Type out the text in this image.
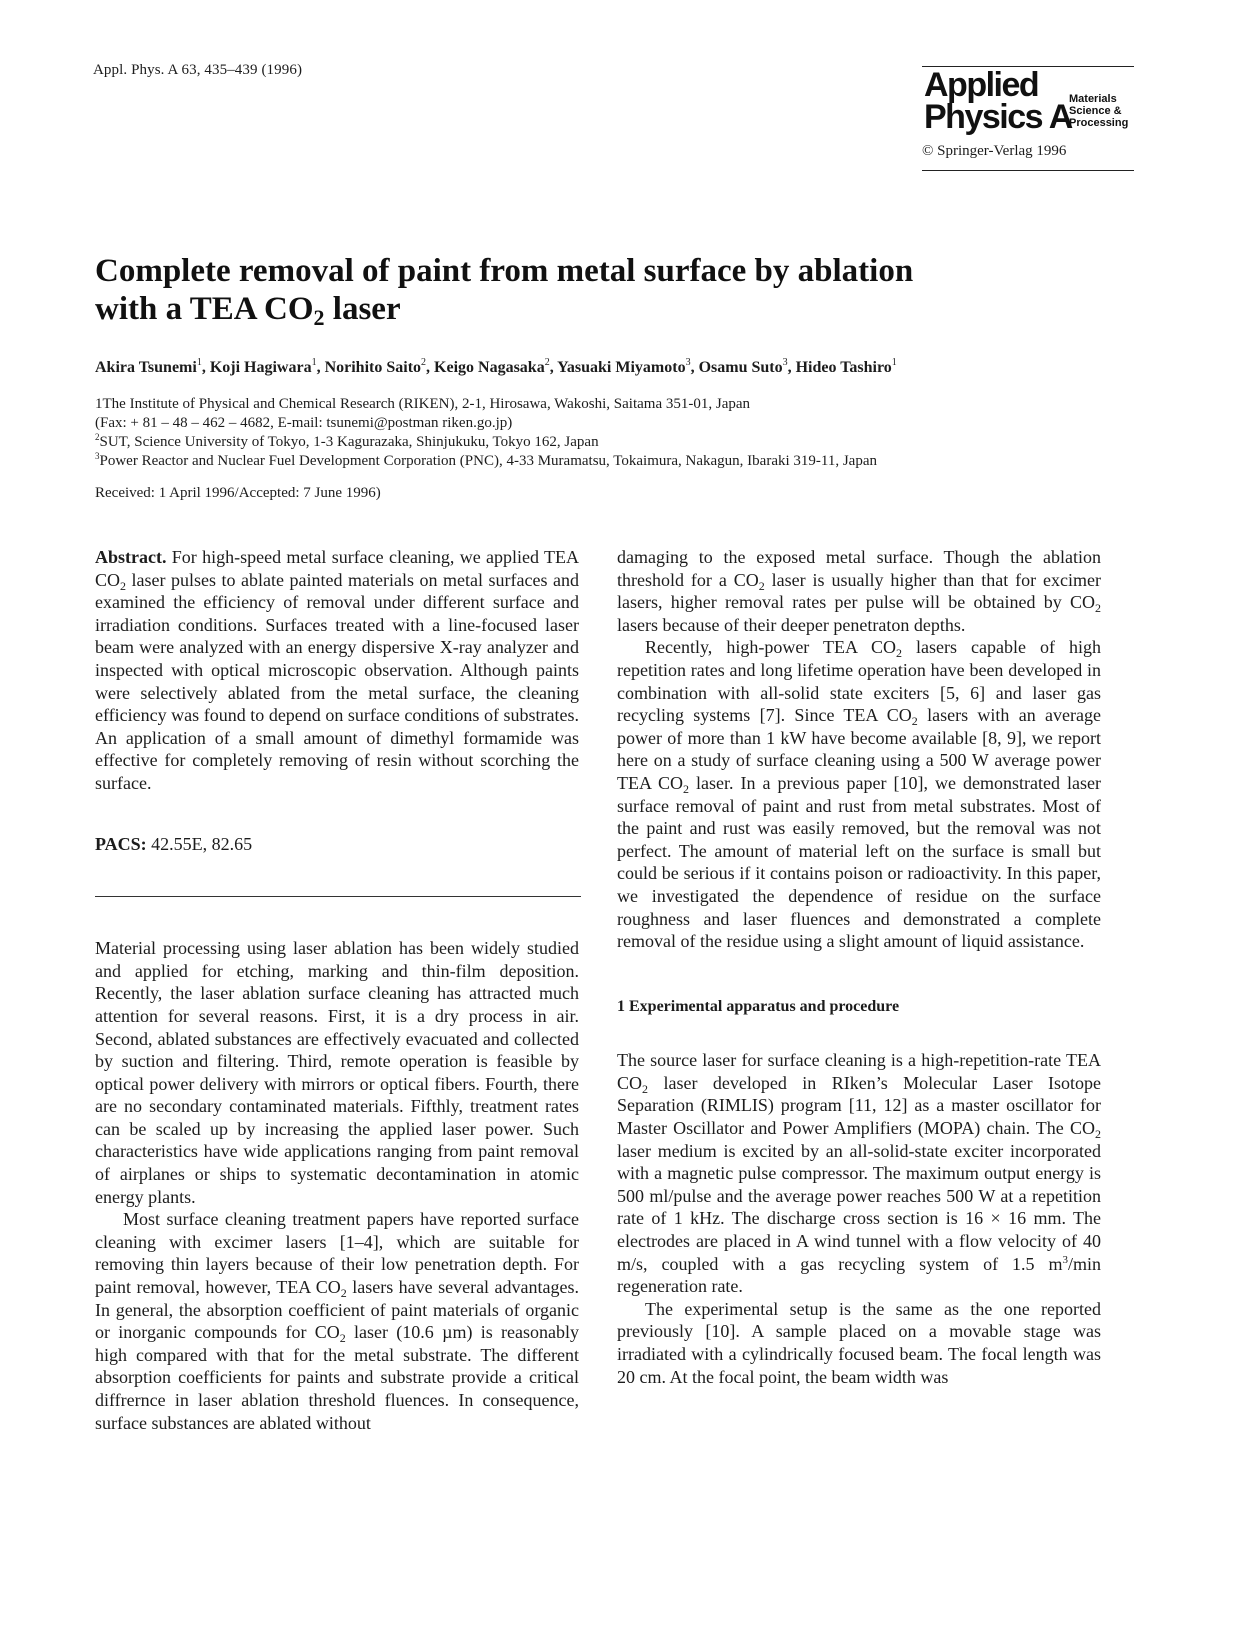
Appl. Phys. A 63, 435–439 (1996)	Applied
Physics A
Materials
Science &
Processing
© Springer-Verlag 1996
Complete removal of paint from metal surface by ablation
with a TEA $CO_2$ laser
Akira Tsunemi$^1$, Koji Hagiwara$^1$, Norihito Saito$^2$, Keigo Nagasaka$^2$, Yasuaki Miyamoto$^3$, Osamu Suto$^3$, Hideo Tashiro$^1$
1The Institute of Physical and Chemical Research (RIKEN), 2-1, Hirosawa, Wakoshi, Saitama 351-01, Japan
(Fax: + 81 – 48 – 462 – 4682, E-mail: tsunemi@postman riken.go.jp)
$^2$SUT, Science University of Tokyo, 1-3 Kagurazaka, Shinjukuku, Tokyo 162, Japan
$^3$Power Reactor and Nuclear Fuel Development Corporation (PNC), 4-33 Muramatsu, Tokaimura, Nakagun, Ibaraki 319-11, Japan
Received: 1 April 1996/Accepted: 7 June 1996)

Abstract. For high-speed metal surface cleaning, we applied TEA $CO_2$ laser pulses to ablate painted materials on metal surfaces and examined the efficiency of removal under different surface and irradiation conditions. Surfaces treated with a line-focused laser beam were analyzed with an energy dispersive X-ray analyzer and inspected with optical microscopic observation. Although paints were selectively ablated from the metal surface, the cleaning efficiency was found to depend on surface conditions of substrates. An application of a small amount of dimethyl formamide was effective for completely removing of resin without scorching the surface.

PACS: 42.55E, 82.65

Material processing using laser ablation has been widely studied and applied for etching, marking and thin-film deposition. Recently, the laser ablation surface cleaning has attracted much attention for several reasons. First, it is a dry process in air. Second, ablated substances are effectively evacuated and collected by suction and filtering. Third, remote operation is feasible by optical power delivery with mirrors or optical fibers. Fourth, there are no secondary contaminated materials. Fifthly, treatment rates can be scaled up by increasing the applied laser power. Such characteristics have wide applications ranging from paint removal of airplanes or ships to systematic decontamination in atomic energy plants.

Most surface cleaning treatment papers have reported surface cleaning with excimer lasers [1–4], which are suitable for removing thin layers because of their low penetration depth. For paint removal, however, TEA $CO_2$ lasers have several advantages. In general, the absorption coefficient of paint materials of organic or inorganic compounds for $CO_2$ laser (10.6 µm) is reasonably high compared with that for the metal substrate. The different absorption coefficients for paints and substrate provide a critical diffrernce in laser ablation threshold fluences. In consequence, surface substances are ablated without

damaging to the exposed metal surface. Though the ablation threshold for a $CO_2$ laser is usually higher than that for excimer lasers, higher removal rates per pulse will be obtained by $CO_2$ lasers because of their deeper penetraton depths.

Recently, high-power TEA $CO_2$ lasers capable of high repetition rates and long lifetime operation have been developed in combination with all-solid state exciters [5, 6] and laser gas recycling systems [7]. Since TEA $CO_2$ lasers with an average power of more than 1 kW have become available [8, 9], we report here on a study of surface cleaning using a 500 W average power TEA $CO_2$ laser. In a previous paper [10], we demonstrated laser surface removal of paint and rust from metal substrates. Most of the paint and rust was easily removed, but the removal was not perfect. The amount of material left on the surface is small but could be serious if it contains poison or radioactivity. In this paper, we investigated the dependence of residue on the surface roughness and laser fluences and demonstrated a complete removal of the residue using a slight amount of liquid assistance.

1 Experimental apparatus and procedure

The source laser for surface cleaning is a high-repetition-rate TEA $CO_2$ laser developed in RIken’s Molecular Laser Isotope Separation (RIMLIS) program [11, 12] as a master oscillator for Master Oscillator and Power Amplifiers (MOPA) chain. The $CO_2$ laser medium is excited by an all-solid-state exciter incorporated with a magnetic pulse compressor. The maximum output energy is 500 ml/pulse and the average power reaches 500 W at a repetition rate of 1 kHz. The discharge cross section is 16 × 16 mm. The electrodes are placed in A wind tunnel with a flow velocity of 40 m/s, coupled with a gas recycling system of 1.5 $m^3/\min$ regeneration rate.

The experimental setup is the same as the one reported previously [10]. A sample placed on a movable stage was irradiated with a cylindrically focused beam. The focal length was 20 cm. At the focal point, the beam width was
